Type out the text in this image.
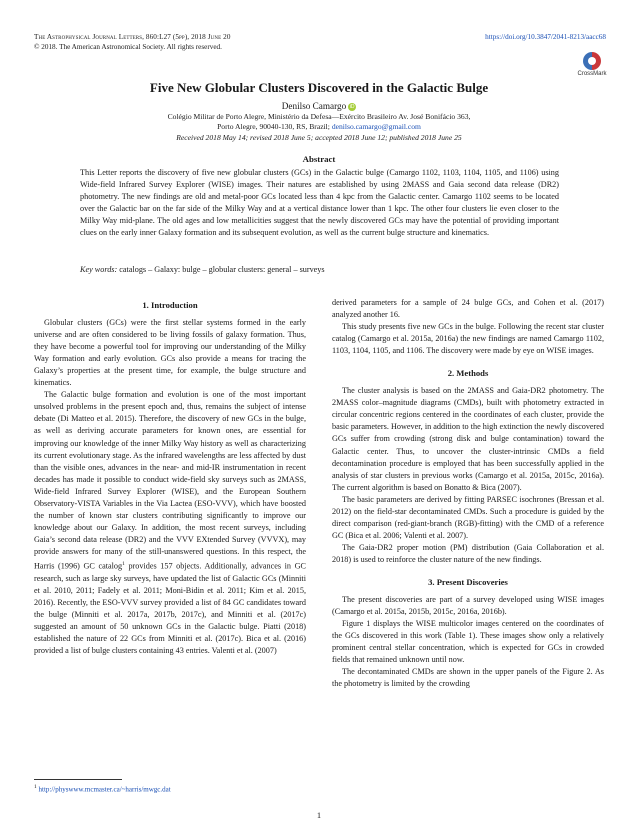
The Astrophysical Journal Letters, 860:L27 (5pp), 2018 June 20
© 2018. The American Astronomical Society. All rights reserved.
https://doi.org/10.3847/2041-8213/aacc68
CrossMark
Five New Globular Clusters Discovered in the Galactic Bulge
Denilso Camargo iD
Colégio Militar de Porto Alegre, Ministério da Defesa—Exército Brasileiro Av. José Bonifácio 363,
Porto Alegre, 90040-130, RS, Brazil; denilso.camargo@gmail.com
Received 2018 May 14; revised 2018 June 5; accepted 2018 June 12; published 2018 June 25
Abstract
This Letter reports the discovery of five new globular clusters (GCs) in the Galactic bulge (Camargo 1102, 1103, 1104, 1105, and 1106) using Wide-field Infrared Survey Explorer (WISE) images. Their natures are established by using 2MASS and Gaia second data release (DR2) photometry. The new findings are old and metal-poor GCs located less than 4 kpc from the Galactic center. Camargo 1102 seems to be located over the Galactic bar on the far side of the Milky Way and at a vertical distance lower than 1 kpc. The other four clusters lie even closer to the Milky Way mid-plane. The old ages and low metallicities suggest that the newly discovered GCs may have the potential of providing important clues on the early inner Galaxy formation and its subsequent evolution, as well as the current bulge structure and kinematics.
Key words: catalogs – Galaxy: bulge – globular clusters: general – surveys
1. Introduction

Globular clusters (GCs) were the first stellar systems formed in the early universe and are often considered to be living fossils of galaxy formation. Thus, they have become a powerful tool for improving our understanding of the Milky Way formation and early evolution. GCs also provide a means for tracing the Galaxy’s properties at the present time, for example, the bulge structure and kinematics.

The Galactic bulge formation and evolution is one of the most important unsolved problems in the present epoch and, thus, remains the subject of intense debate (Di Matteo et al. 2015). Therefore, the discovery of new GCs in the bulge, as well as deriving accurate parameters for known ones, are essential for improving our knowledge of the inner Milky Way history as well as characterizing its current evolutionary stage. As the infrared wavelengths are less affected by dust than the visible ones, advances in the near- and mid-IR instrumentation in recent decades has made it possible to conduct wide-field sky surveys such as 2MASS, Wide-field Infrared Survey Explorer (WISE), and the European Southern Observatory-VISTA Variables in the Via Lactea (ESO-VVV), which have boosted the number of known star clusters contributing significantly to improve our knowledge about our Galaxy. In addition, the most recent surveys, including Gaia’s second data release (DR2) and the VVV EXtended Survey (VVVX), may provide answers for many of the still-unanswered questions. In this respect, the Harris (1996) GC catalog$^1$ provides 157 objects. Additionally, advances in GC research, such as large sky surveys, have updated the list of Galactic GCs (Minniti et al. 2010, 2011; Fadely et al. 2011; Moni-Bidin et al. 2011; Kim et al. 2015, 2016). Recently, the ESO-VVV survey provided a list of 84 GC candidates toward the bulge (Minniti et al. 2017a, 2017b, 2017c), and Minniti et al. (2017c) suggested an amount of 50 unknown GCs in the Galactic bulge. Piatti (2018) established the nature of 22 GCs from Minniti et al. (2017c). Bica et al. (2016) provided a list of bulge clusters containing 43 entries. Valenti et al. (2007)

derived parameters for a sample of 24 bulge GCs, and Cohen et al. (2017) analyzed another 16.

This study presents five new GCs in the bulge. Following the recent star cluster catalog (Camargo et al. 2015a, 2016a) the new findings are named Camargo 1102, 1103, 1104, 1105, and 1106. The discovery were made by eye on WISE images.

2. Methods

The cluster analysis is based on the 2MASS and Gaia-DR2 photometry. The 2MASS color–magnitude diagrams (CMDs), built with photometry extracted in circular concentric regions centered in the coordinates of each cluster, provide the basic parameters. However, in addition to the high extinction the newly discovered GCs suffer from crowding (strong disk and bulge contamination) toward the Galactic center. Thus, to uncover the cluster-intrinsic CMDs a field decontamination procedure is employed that has been successfully applied in the analysis of star clusters in previous works (Camargo et al. 2015a, 2015c, 2016a). The current algorithm is based on Bonatto & Bica (2007).

The basic parameters are derived by fitting PARSEC isochrones (Bressan et al. 2012) on the field-star decontaminated CMDs. Such a procedure is guided by the direct comparison (red-giant-branch (RGB)-fitting) with the CMD of a reference GC (Bica et al. 2006; Valenti et al. 2007).

The Gaia-DR2 proper motion (PM) distribution (Gaia Collaboration et al. 2018) is used to reinforce the cluster nature of the new findings.

3. Present Discoveries

The present discoveries are part of a survey developed using WISE images (Camargo et al. 2015a, 2015b, 2015c, 2016a, 2016b).

Figure 1 displays the WISE multicolor images centered on the coordinates of the GCs discovered in this work (Table 1). These images show only a relatively prominent central stellar concentration, which is expected for GCs in crowded fields that remained unknown until now.

The decontaminated CMDs are shown in the upper panels of the Figure 2. As the photometry is limited by the crowding

$^1$ http://physwww.mcmaster.ca/~harris/mwgc.dat
1
